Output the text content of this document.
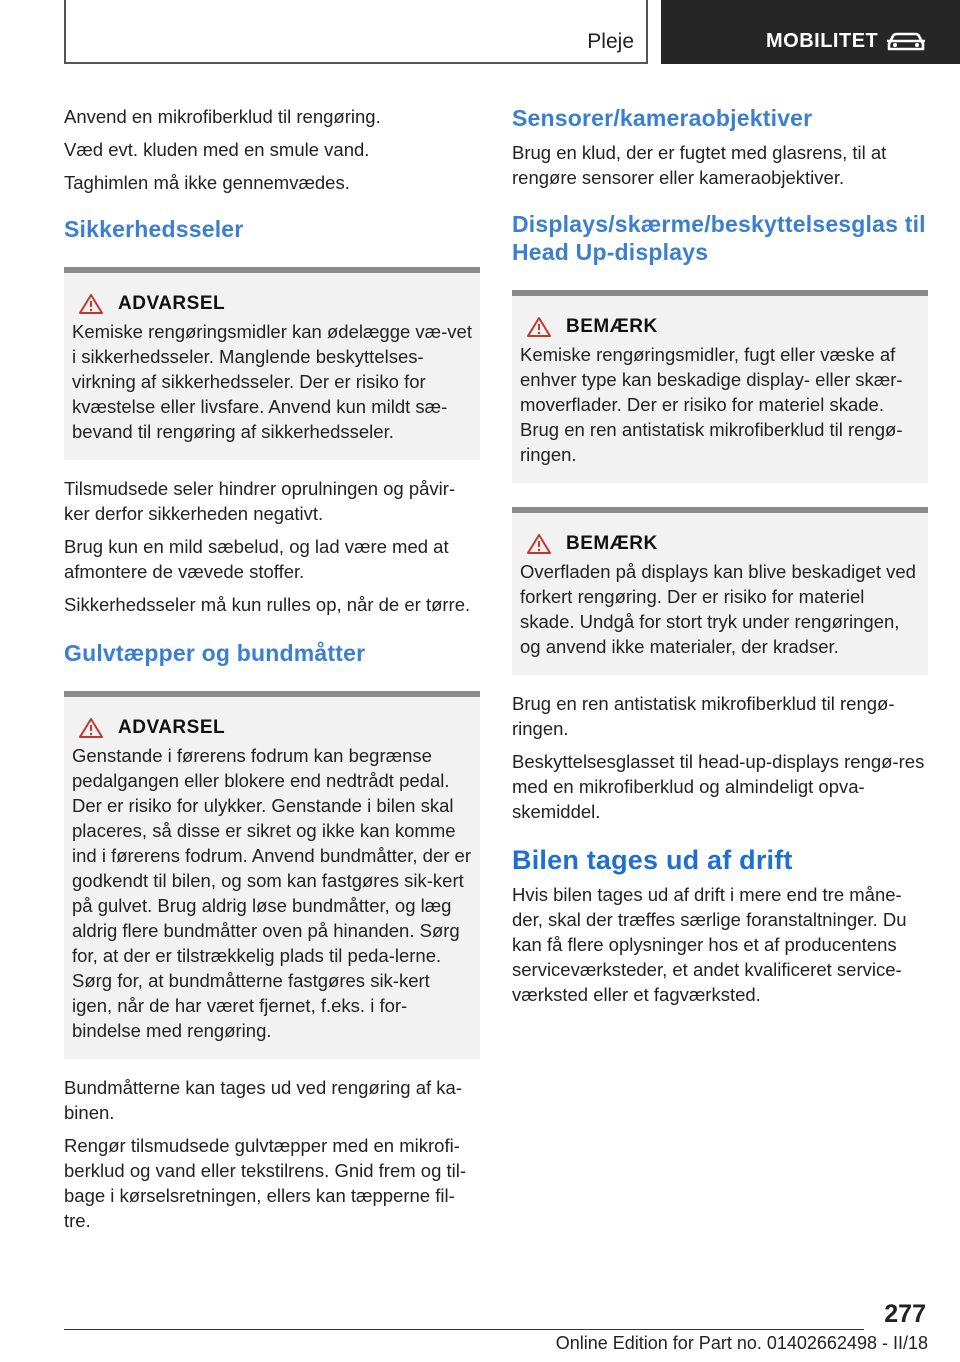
Pleje	MOBILITET

Anvend en mikrofiberklud til rengøring.

Væd evt. kluden med en smule vand.

Taghimlen må ikke gennemvædes.

Sikkerhedsseler
ADVARSEL

Kemiske rengøringsmidler kan ødelægge væ-vet i sikkerhedsseler. Manglende beskyttelses-virkning af sikkerhedsseler. Der er risiko for kvæstelse eller livsfare. Anvend kun mildt sæ-bevand til rengøring af sikkerhedsseler.

Tilsmudsede seler hindrer oprulningen og påvir-ker derfor sikkerheden negativt.

Brug kun en mild sæbelud, og lad være med at afmontere de vævede stoffer.

Sikkerhedsseler må kun rulles op, når de er tørre.

Gulvtæpper og bundmåtter
ADVARSEL

Genstande i førerens fodrum kan begrænse pedalgangen eller blokere end nedtrådt pedal. Der er risiko for ulykker. Genstande i bilen skal placeres, så disse er sikret og ikke kan komme ind i førerens fodrum. Anvend bundmåtter, der er godkendt til bilen, og som kan fastgøres sik-kert på gulvet. Brug aldrig løse bundmåtter, og læg aldrig flere bundmåtter oven på hinanden. Sørg for, at der er tilstrækkelig plads til peda-lerne. Sørg for, at bundmåtterne fastgøres sik-kert igen, når de har været fjernet, f.eks. i for-bindelse med rengøring.

Bundmåtterne kan tages ud ved rengøring af ka-binen.

Rengør tilsmudsede gulvtæpper med en mikrofi-berklud og vand eller tekstilrens. Gnid frem og til-bage i kørselsretningen, ellers kan tæpperne fil-tre.

Sensorer/kameraobjektiver

Brug en klud, der er fugtet med glasrens, til at rengøre sensorer eller kameraobjektiver.

Displays/skærme/beskyttelsesglas til Head Up-displays
BEMÆRK

Kemiske rengøringsmidler, fugt eller væske af enhver type kan beskadige display- eller skær-moverflader. Der er risiko for materiel skade. Brug en ren antistatisk mikrofiberklud til rengø-ringen.

BEMÆRK

Overfladen på displays kan blive beskadiget ved forkert rengøring. Der er risiko for materiel skade. Undgå for stort tryk under rengøringen, og anvend ikke materialer, der kradser.

Brug en ren antistatisk mikrofiberklud til rengø-ringen.

Beskyttelsesglasset til head-up-displays rengø-res med en mikrofiberklud og almindeligt opva-skemiddel.

Bilen tages ud af drift

Hvis bilen tages ud af drift i mere end tre måne-der, skal der træffes særlige foranstaltninger. Du kan få flere oplysninger hos et af producentens serviceværksteder, et andet kvalificeret service-værksted eller et fagværksted.

277
Online Edition for Part no. 01402662498 - II/18
